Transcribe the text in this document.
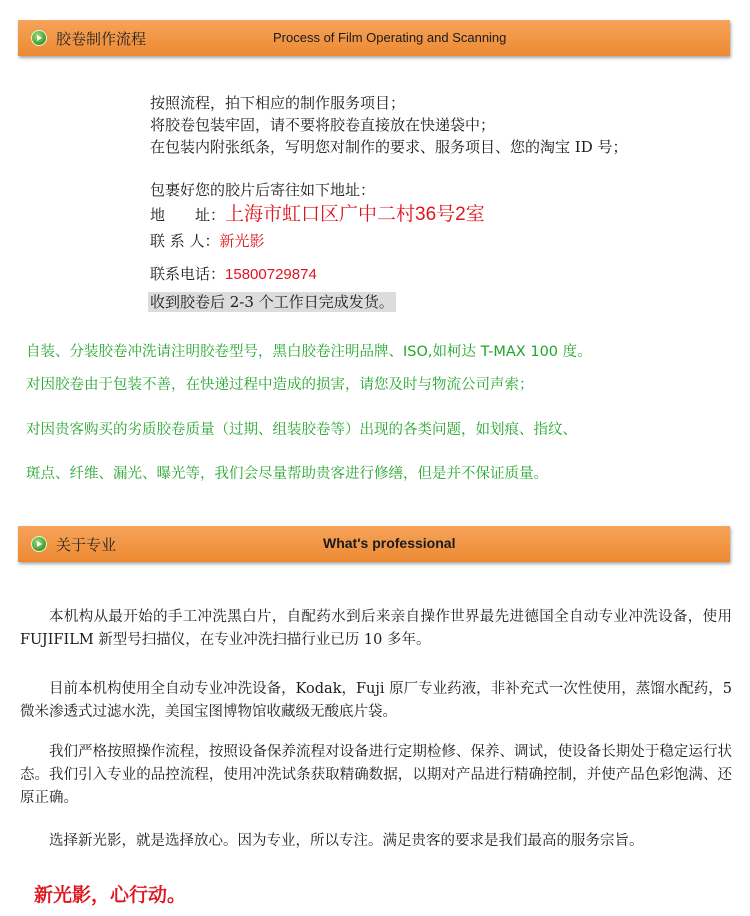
胶卷制作流程	Process of Film Operating and Scanning
按照流程，拍下相应的制作服务项目；
将胶卷包装牢固，请不要将胶卷直接放在快递袋中；
在包装内附张纸条，写明您对制作的要求、服务项目、您的淘宝 ID 号；
包裹好您的胶片后寄往如下地址：
地　　址：上海市虹口区广中二村36号2室
联 系 人：新光影
联系电话：15800729874
收到胶卷后 2-3 个工作日完成发货。
自装、分装胶卷冲洗请注明胶卷型号，黑白胶卷注明品牌、ISO,如柯达 T-MAX 100 度。
对因胶卷由于包装不善，在快递过程中造成的损害，请您及时与物流公司声索；
对因贵客购买的劣质胶卷质量（过期、组装胶卷等）出现的各类问题，如划痕、指纹、
斑点、纤维、漏光、曝光等，我们会尽量帮助贵客进行修缮，但是并不保证质量。
关于专业	What's professional
本机构从最开始的手工冲洗黑白片，自配药水到后来亲自操作世界最先进德国全自动专业冲洗设备，使用 FUJIFILM 新型号扫描仪，在专业冲洗扫描行业已历 10 多年。
目前本机构使用全自动专业冲洗设备，Kodak，Fuji 原厂专业药液，非补充式一次性使用，蒸馏水配药，5 微米渗透式过滤水洗，美国宝图博物馆收藏级无酸底片袋。
我们严格按照操作流程，按照设备保养流程对设备进行定期检修、保养、调试，使设备长期处于稳定运行状态。我们引入专业的品控流程，使用冲洗试条获取精确数据，以期对产品进行精确控制，并使产品色彩饱满、还原正确。
选择新光影，就是选择放心。因为专业，所以专注。满足贵客的要求是我们最高的服务宗旨。
新光影，心行动。
